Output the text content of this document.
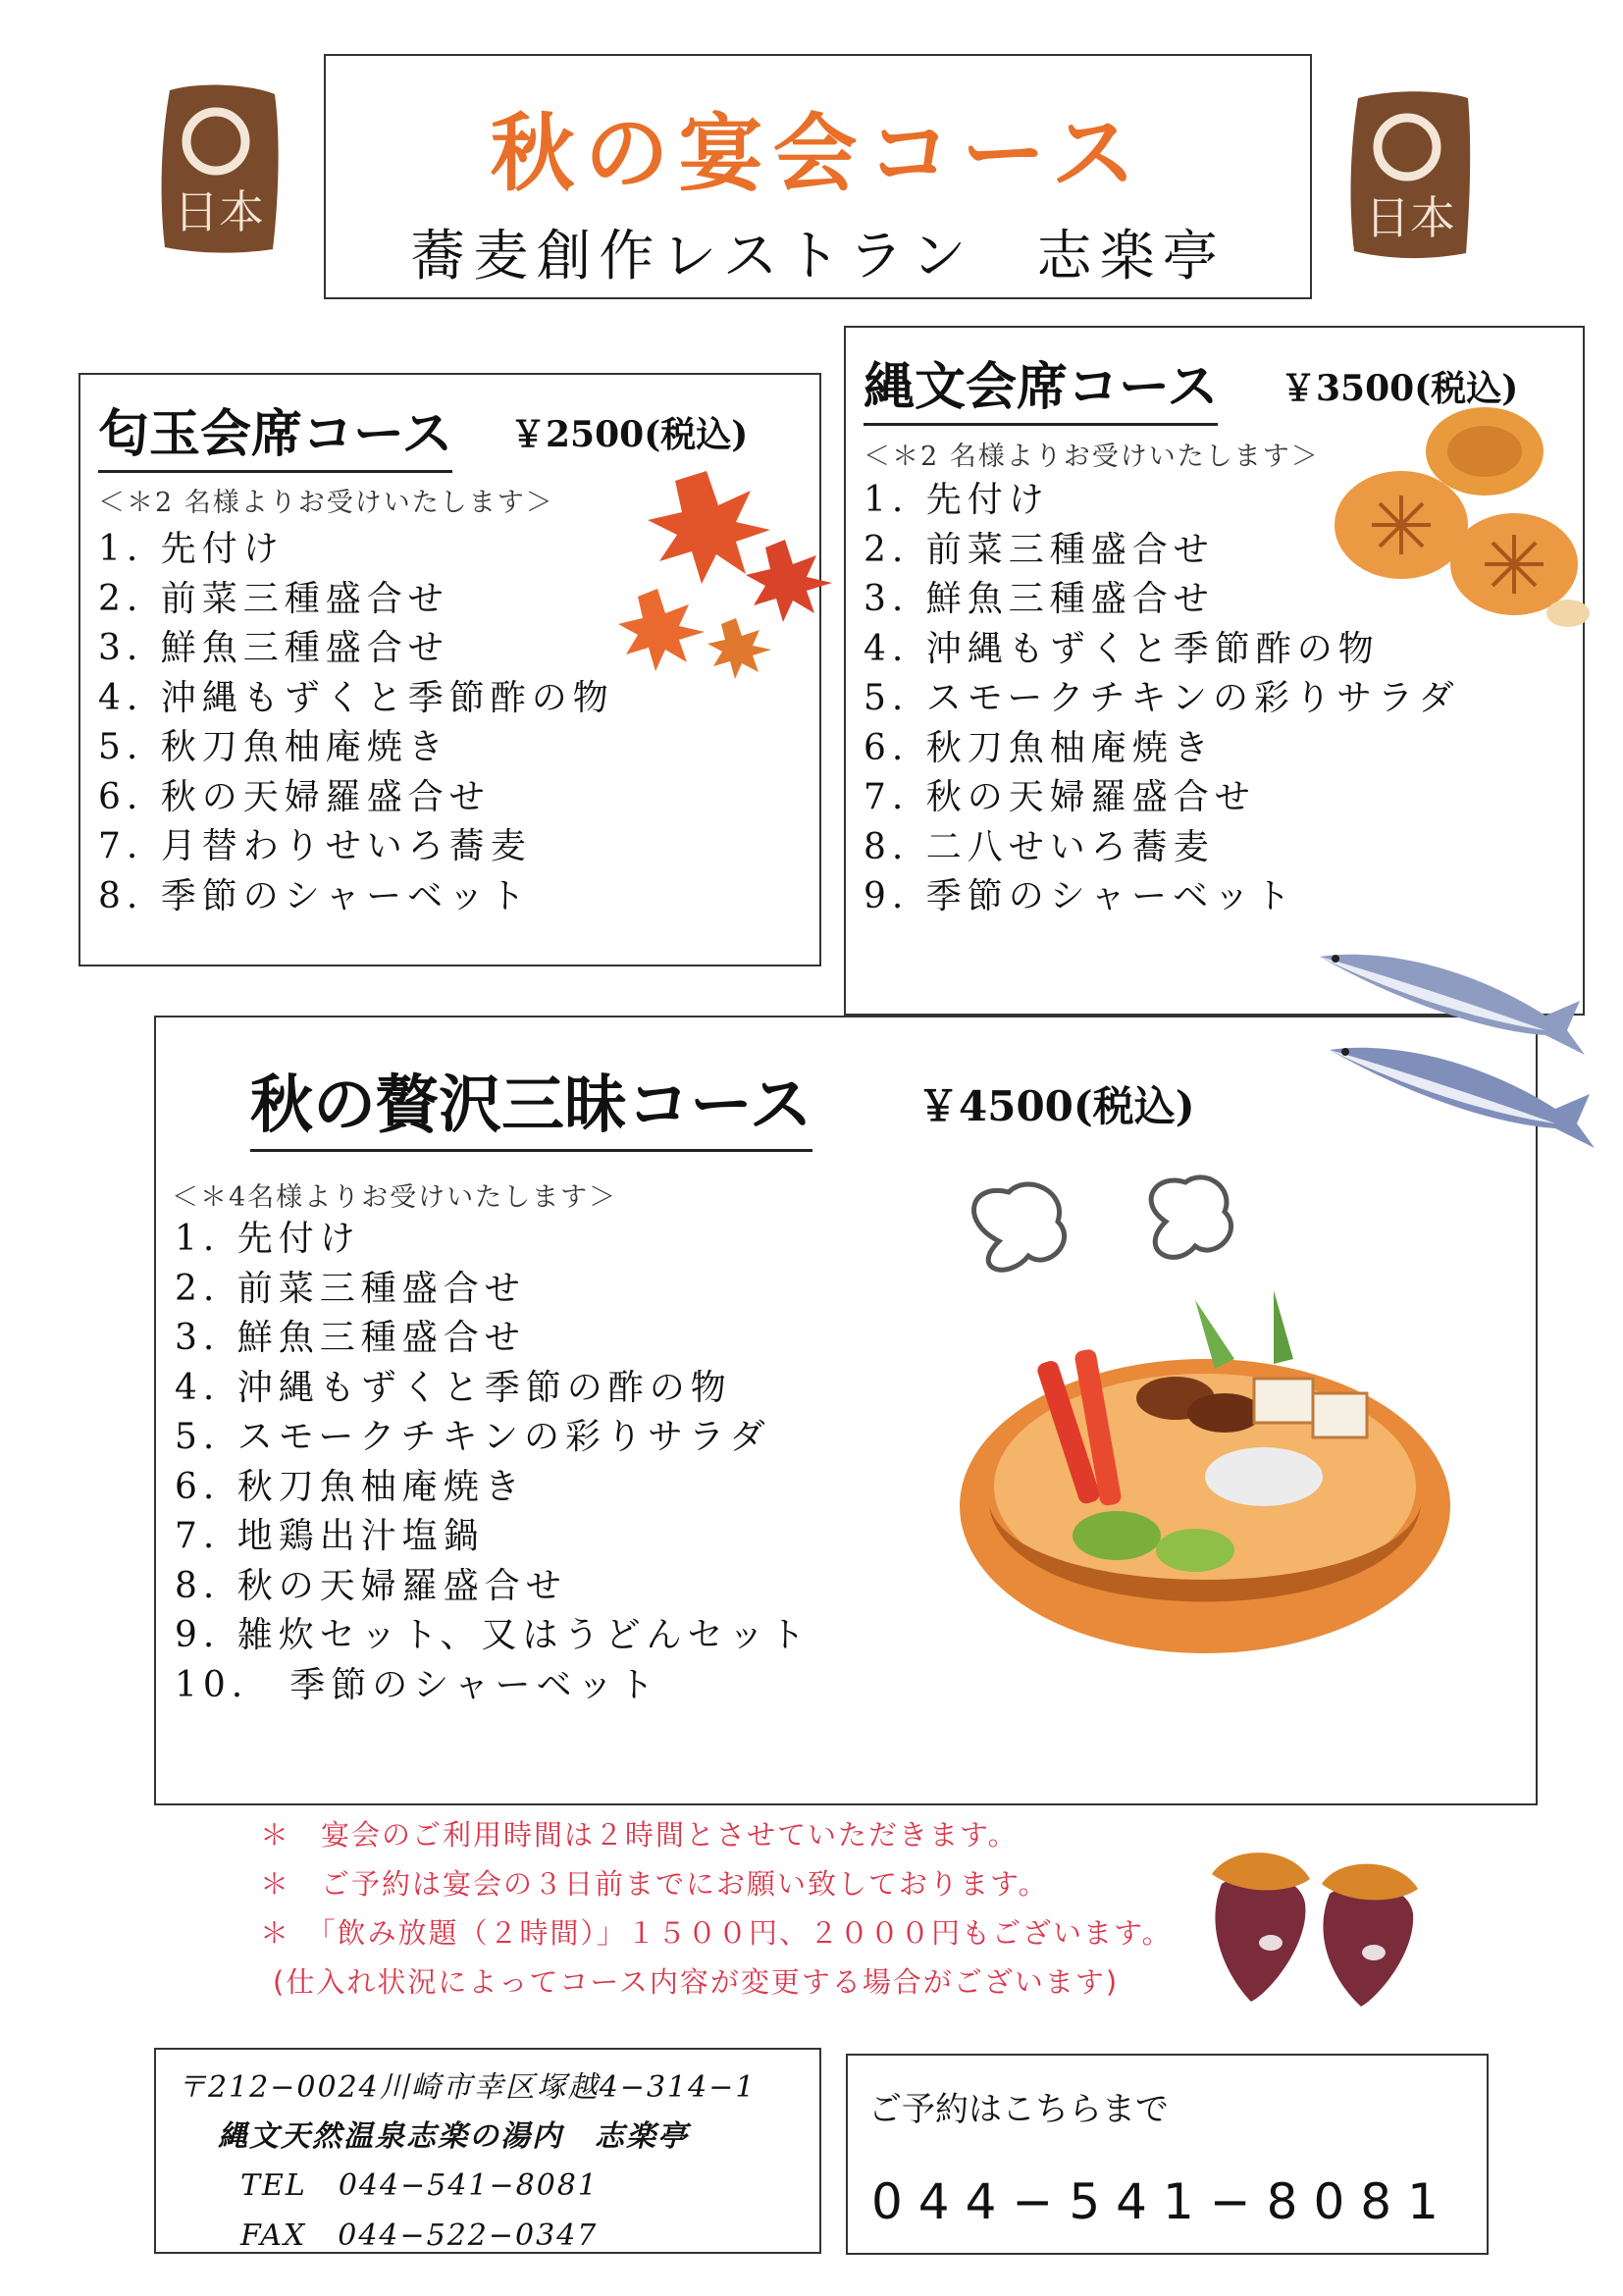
秋の宴会コース
蕎麦創作レストラン　志楽亭
日本	日本
匂玉会席コース ￥2500(税込)
＜＊2 名様よりお受けいたします＞
1. 先付け
2. 前菜三種盛合せ
3. 鮮魚三種盛合せ
4. 沖縄もずくと季節酢の物
5. 秋刀魚柚庵焼き
6. 秋の天婦羅盛合せ
7. 月替わりせいろ蕎麦
8. 季節のシャーベット
縄文会席コース ￥3500(税込)
＜＊2 名様よりお受けいたします＞
1. 先付け
2. 前菜三種盛合せ
3. 鮮魚三種盛合せ
4. 沖縄もずくと季節酢の物
5. スモークチキンの彩りサラダ
6. 秋刀魚柚庵焼き
7. 秋の天婦羅盛合せ
8. 二八せいろ蕎麦
9. 季節のシャーベット
秋の贅沢三昧コース	￥4500(税込)
＜＊4名様よりお受けいたします＞
1. 先付け
2. 前菜三種盛合せ
3. 鮮魚三種盛合せ
4. 沖縄もずくと季節の酢の物
5. スモークチキンの彩りサラダ
6. 秋刀魚柚庵焼き
7. 地鶏出汁塩鍋
8. 秋の天婦羅盛合せ
9. 雑炊セット、又はうどんセット
10.　季節のシャーベット
＊　宴会のご利用時間は２時間とさせていただきます。
＊　ご予約は宴会の３日前までにお願い致しております。
＊　「飲み放題（２時間）」１５００円、２０００円もございます。
(仕入れ状況によってコース内容が変更する場合がございます)
〒212−0024川崎市幸区塚越4−314−1
縄文天然温泉志楽の湯内　志楽亭
TEL　044−541−8081
FAX　044−522−0347
ご予約はこちらまで
044−541−8081
